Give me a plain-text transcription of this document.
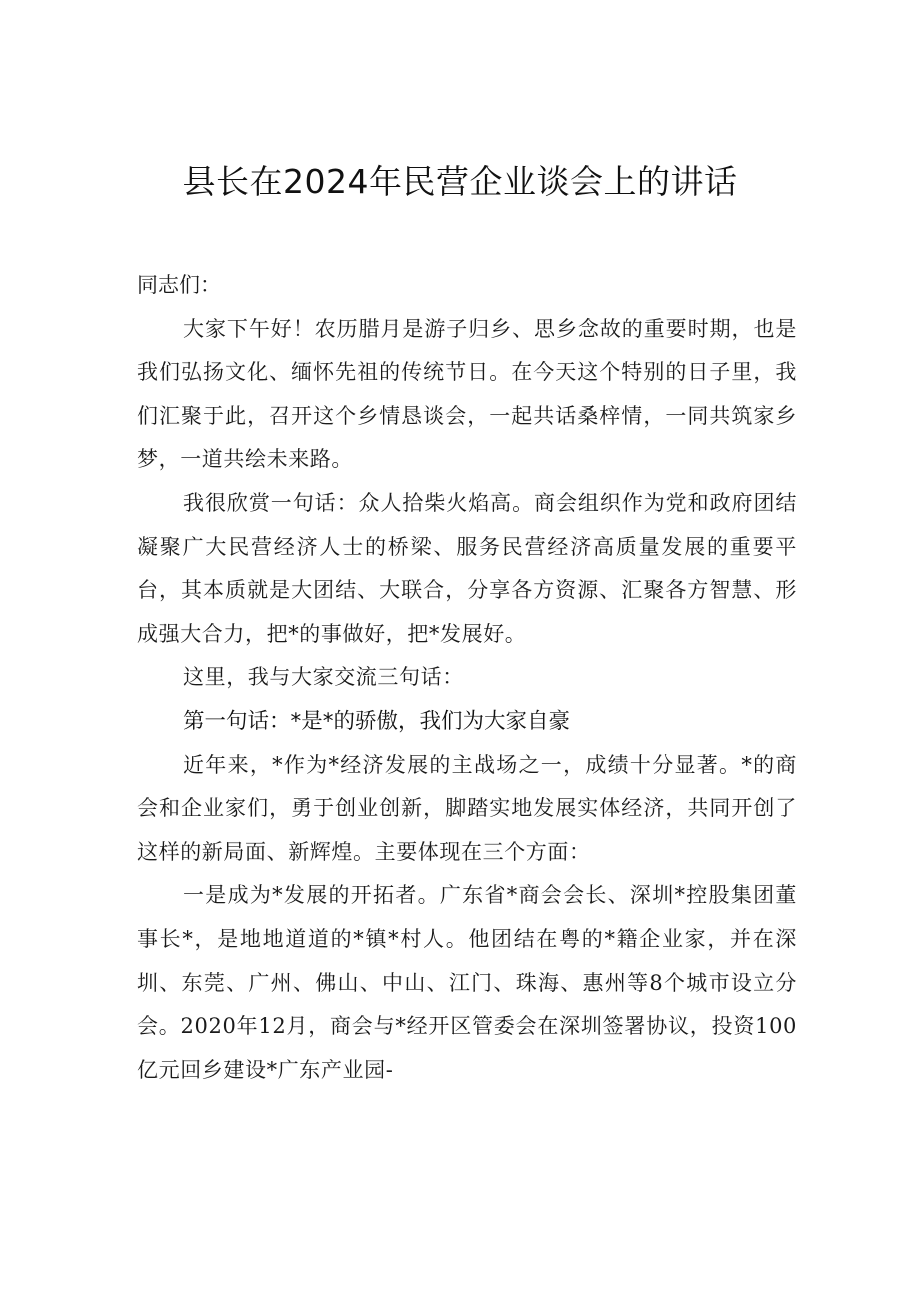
县长在2024年民营企业谈会上的讲话

同志们：

大家下午好！农历腊月是游子归乡、思乡念故的重要时期，也是我们弘扬文化、缅怀先祖的传统节日。在今天这个特别的日子里，我们汇聚于此，召开这个乡情恳谈会，一起共话桑梓情，一同共筑家乡梦，一道共绘未来路。

我很欣赏一句话：众人拾柴火焰高。商会组织作为党和政府团结凝聚广大民营经济人士的桥梁、服务民营经济高质量发展的重要平台，其本质就是大团结、大联合，分享各方资源、汇聚各方智慧、形成强大合力，把*的事做好，把*发展好。

这里，我与大家交流三句话：

第一句话：*是*的骄傲，我们为大家自豪

近年来，*作为*经济发展的主战场之一，成绩十分显著。*的商会和企业家们，勇于创业创新，脚踏实地发展实体经济，共同开创了这样的新局面、新辉煌。主要体现在三个方面：

一是成为*发展的开拓者。广东省*商会会长、深圳*控股集团董事长*，是地地道道的*镇*村人。他团结在粤的*籍企业家，并在深圳、东莞、广州、佛山、中山、江门、珠海、惠州等8个城市设立分会。2020年12月，商会与*经开区管委会在深圳签署协议，投资100亿元回乡建设*广东产业园-
